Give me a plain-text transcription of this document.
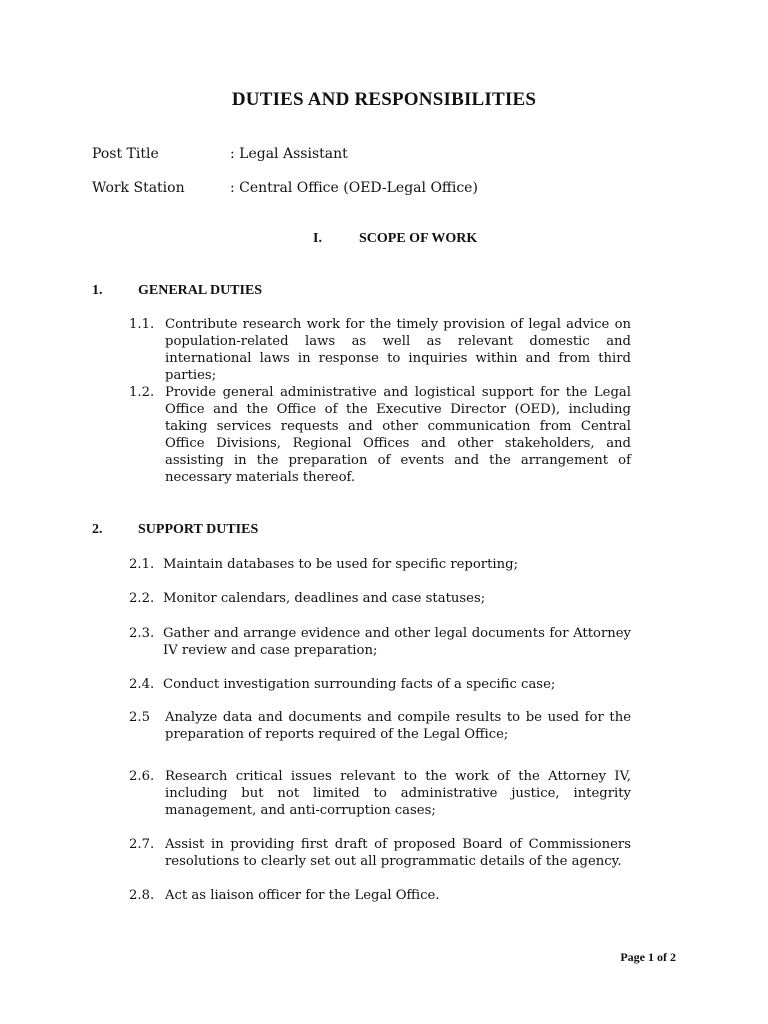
DUTIES AND RESPONSIBILITIES
Post Title	: Legal Assistant
Work Station	: Central Office (OED-Legal Office)
I.	SCOPE OF WORK
1.	GENERAL DUTIES
1.1. Contribute research work for the timely provision of legal advice on population-related laws as well as relevant domestic and international laws in response to inquiries within and from third parties;
1.2. Provide general administrative and logistical support for the Legal Office and the Office of the Executive Director (OED), including taking services requests and other communication from Central Office Divisions, Regional Offices and other stakeholders, and assisting in the preparation of events and the arrangement of necessary materials thereof.
2.	SUPPORT DUTIES
2.1. Maintain databases to be used for specific reporting;
2.2. Monitor calendars, deadlines and case statuses;
2.3. Gather and arrange evidence and other legal documents for Attorney IV review and case preparation;
2.4. Conduct investigation surrounding facts of a specific case;
2.5 Analyze data and documents and compile results to be used for the preparation of reports required of the Legal Office;
2.6. Research critical issues relevant to the work of the Attorney IV, including but not limited to administrative justice, integrity management, and anti-corruption cases;
2.7. Assist in providing first draft of proposed Board of Commissioners resolutions to clearly set out all programmatic details of the agency.
2.8. Act as liaison officer for the Legal Office.
Page 1 of 2
